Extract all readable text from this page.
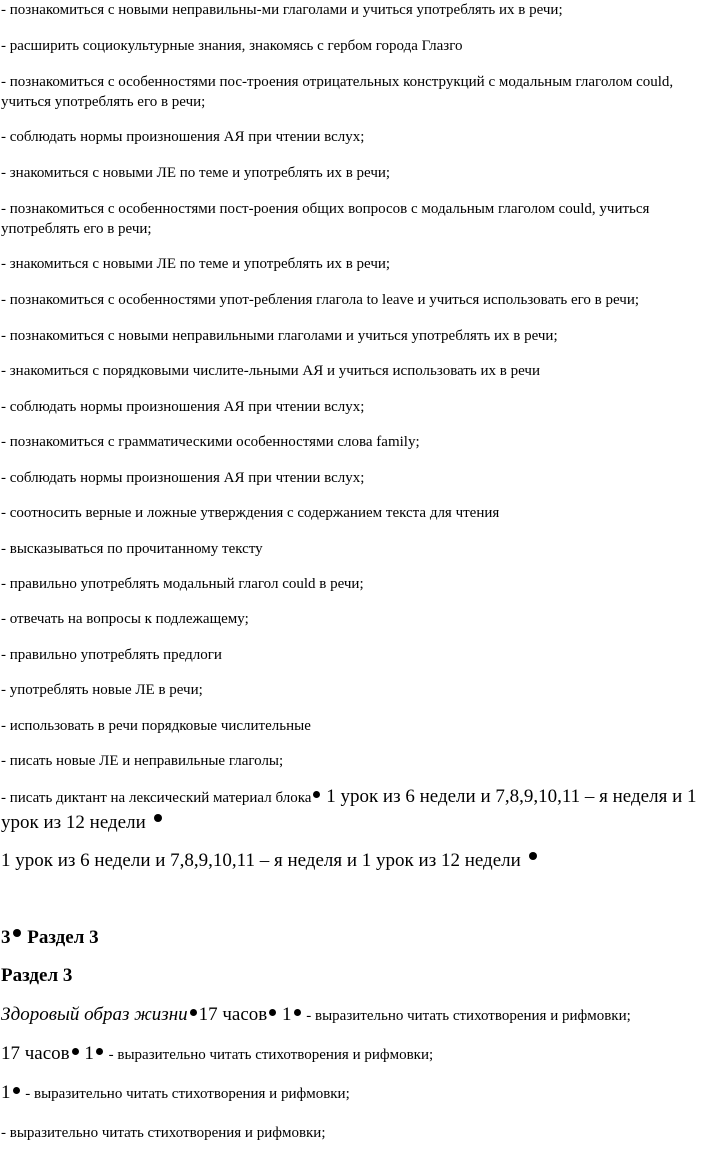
- познакомиться с новыми неправильны-ми глаголами и учиться употреблять их в речи;
- расширить социокультурные знания, знакомясь с гербом города Глазго
- познакомиться с особенностями пос-троения отрицательных конструкций с модальным глаголом could, учиться употреблять его в речи;
- соблюдать нормы произношения АЯ при чтении вслух;
- знакомиться с новыми ЛЕ по теме и употреблять их в речи;
- познакомиться с особенностями пост-роения общих вопросов с модальным глаголом could, учиться употреблять его в речи;
- знакомиться с новыми ЛЕ по теме и употреблять их в речи;
- познакомиться с особенностями упот-ребления глагола to leave и учиться использовать его в речи;
- познакомиться с новыми неправильными глаголами и учиться употреблять их в речи;
- знакомиться с порядковыми числите-льными АЯ и учиться использовать их в речи
- соблюдать нормы произношения АЯ при чтении вслух;
- познакомиться с грамматическими особенностями слова family;
- соблюдать нормы произношения АЯ при чтении вслух;
- соотносить верные и ложные утверждения с содержанием текста для чтения
- высказываться по прочитанному тексту
- правильно употреблять модальный глагол could в речи;
- отвечать на вопросы к подлежащему;
- правильно употреблять предлоги
- употреблять новые ЛЕ в речи;
- использовать в речи порядковые числительные
- писать новые ЛЕ и неправильные глаголы;
- писать диктант на лексический материал блока 1 урок из 6 недели и 7,8,9,10,11 – я неделя и 1 урок из 12 недели
1 урок из 6 недели и 7,8,9,10,11 – я неделя и 1 урок из 12 недели
3 Раздел 3
Раздел 3
Здоровый образ жизни 17 часов 1 - выразительно читать стихотворения и рифмовки;
17 часов 1 - выразительно читать стихотворения и рифмовки;
1 - выразительно читать стихотворения и рифмовки;
- выразительно читать стихотворения и рифмовки;
